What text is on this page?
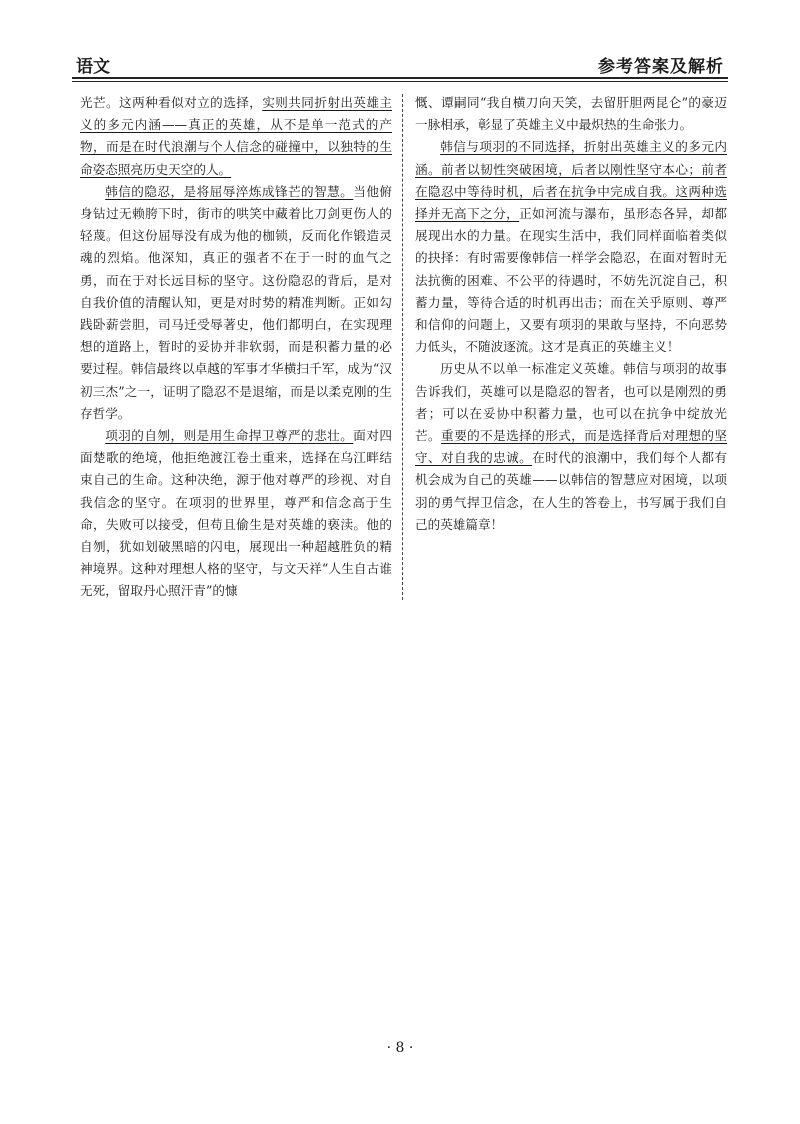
语文	参考答案及解析

光芒。这两种看似对立的选择，实则共同折射出英雄主义的多元内涵——真正的英雄，从不是单一范式的产物，而是在时代浪潮与个人信念的碰撞中，以独特的生命姿态照亮历史天空的人。

韩信的隐忍，是将屈辱淬炼成锋芒的智慧。当他俯身钻过无赖胯下时，街市的哄笑中藏着比刀剑更伤人的轻蔑。但这份屈辱没有成为他的枷锁，反而化作锻造灵魂的烈焰。他深知，真正的强者不在于一时的血气之勇，而在于对长远目标的坚守。这份隐忍的背后，是对自我价值的清醒认知，更是对时势的精准判断。正如勾践卧薪尝胆，司马迁受辱著史，他们都明白，在实现理想的道路上，暂时的妥协并非软弱，而是积蓄力量的必要过程。韩信最终以卓越的军事才华横扫千军，成为“汉初三杰”之一，证明了隐忍不是退缩，而是以柔克刚的生存哲学。

项羽的自刎，则是用生命捍卫尊严的悲壮。面对四面楚歌的绝境，他拒绝渡江卷土重来，选择在乌江畔结束自己的生命。这种决绝，源于他对尊严的珍视、对自我信念的坚守。在项羽的世界里，尊严和信念高于生命，失败可以接受，但苟且偷生是对英雄的亵渎。他的自刎，犹如划破黑暗的闪电，展现出一种超越胜负的精神境界。这种对理想人格的坚守，与文天祥“人生自古谁无死，留取丹心照汗青”的慷

慨、谭嗣同“我自横刀向天笑，去留肝胆两昆仑”的豪迈一脉相承，彰显了英雄主义中最炽热的生命张力。

韩信与项羽的不同选择，折射出英雄主义的多元内涵。前者以韧性突破困境，后者以刚性坚守本心；前者在隐忍中等待时机，后者在抗争中完成自我。这两种选择并无高下之分，正如河流与瀑布，虽形态各异，却都展现出水的力量。在现实生活中，我们同样面临着类似的抉择：有时需要像韩信一样学会隐忍，在面对暂时无法抗衡的困难、不公平的待遇时，不妨先沉淀自己，积蓄力量，等待合适的时机再出击；而在关乎原则、尊严和信仰的问题上，又要有项羽的果敢与坚持，不向恶势力低头，不随波逐流。这才是真正的英雄主义！

历史从不以单一标准定义英雄。韩信与项羽的故事告诉我们，英雄可以是隐忍的智者，也可以是刚烈的勇者；可以在妥协中积蓄力量，也可以在抗争中绽放光芒。重要的不是选择的形式，而是选择背后对理想的坚守、对自我的忠诚。在时代的浪潮中，我们每个人都有机会成为自己的英雄——以韩信的智慧应对困境，以项羽的勇气捍卫信念，在人生的答卷上，书写属于我们自己的英雄篇章！

· 8 ·
